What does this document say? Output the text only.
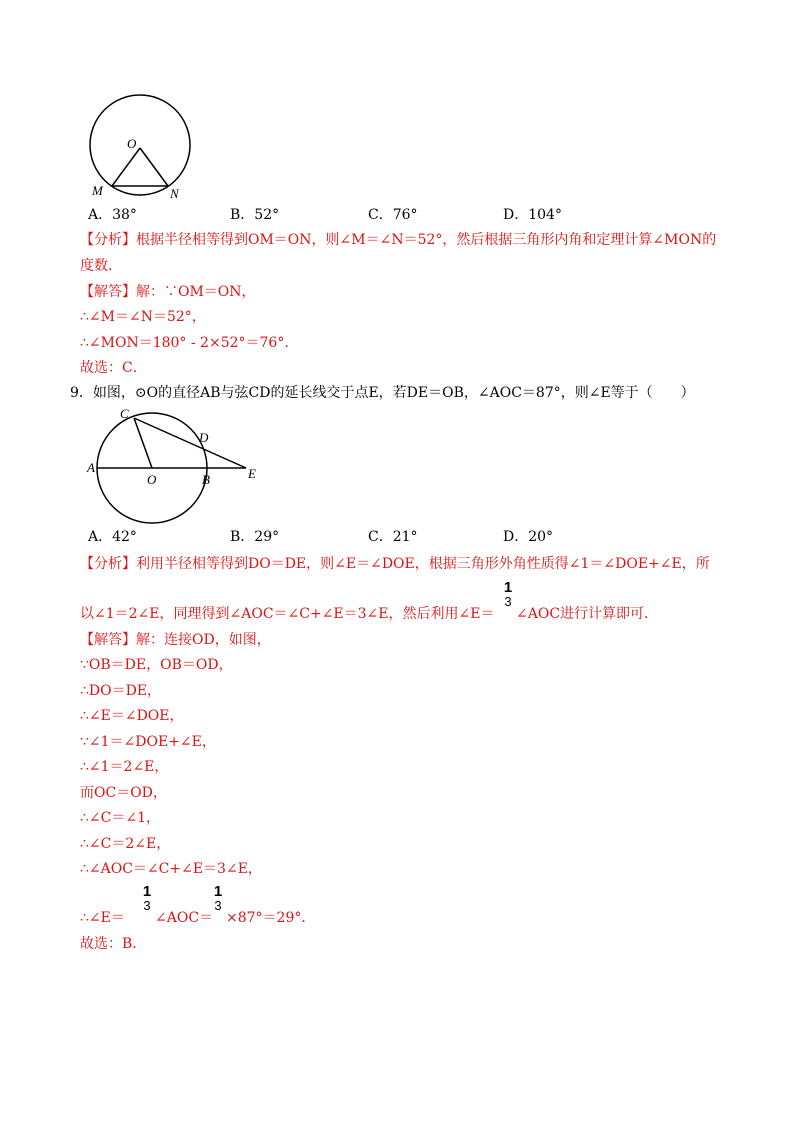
O
M	N
A．38°	B．52°	C．76°	D．104°
【分析】根据半径相等得到OM＝ON，则∠M＝∠N＝52°，然后根据三角形内角和定理计算∠MON的
度数．
【解答】解：∵OM＝ON，
∴∠M＝∠N＝52°，
∴∠MON＝180° - 2×52°＝76°．
故选：C．
9．如图，⊙O的直径AB与弦CD的延长线交于点E，若DE＝OB，∠AOC＝87°，则∠E等于（　　）
C
D
A
O	B	E
A．42°	B．29°	C．21°	D．20°
【分析】利用半径相等得到DO＝DE，则∠E＝∠DOE，根据三角形外角性质得∠1＝∠DOE+∠E，所
以∠1＝2∠E，同理得到∠AOC＝∠C+∠E＝3∠E，然后利用∠E＝
1
3
∠AOC进行计算即可．
【解答】解：连接OD，如图，
∵OB＝DE，OB＝OD，
∴DO＝DE，
∴∠E＝∠DOE，
∵∠1＝∠DOE+∠E，
∴∠1＝2∠E，
而OC＝OD，
∴∠C＝∠1，
∴∠C＝2∠E，
∴∠AOC＝∠C+∠E＝3∠E，
∴∠E＝
1
3
∠AOC＝
1
3
×87°＝29°．
故选：B．
